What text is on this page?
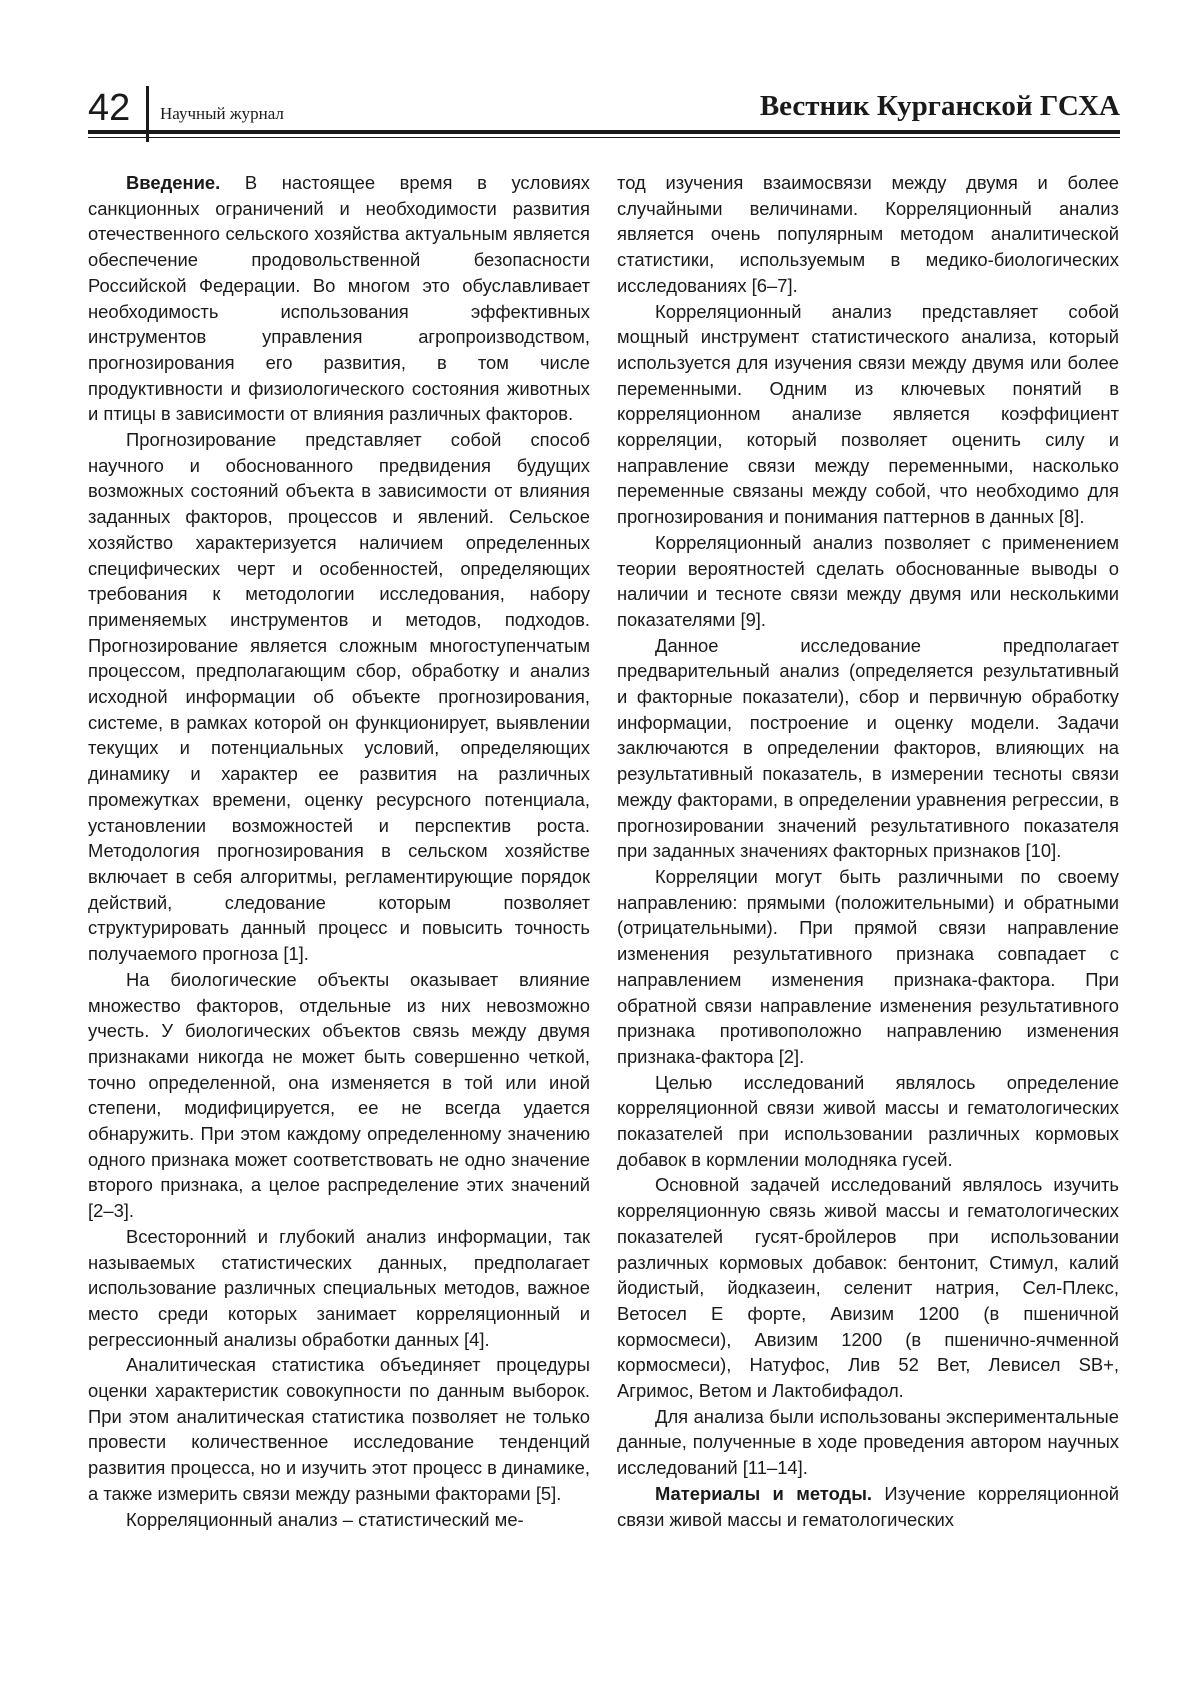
42 Научный журнал	Вестник Курганской ГСХА

Введение. В настоящее время в условиях санкционных ограничений и необходимости развития отечественного сельского хозяйства актуальным является обеспечение продовольственной безопасности Российской Федерации. Во многом это обуславливает необходимость использования эффективных инструментов управления агропроизводством, прогнозирования его развития, в том числе продуктивности и физиологического состояния животных и птицы в зависимости от влияния различных факторов.

Прогнозирование представляет собой способ научного и обоснованного предвидения будущих возможных состояний объекта в зависимости от влияния заданных факторов, процессов и явлений. Сельское хозяйство характеризуется наличием определенных специфических черт и особенностей, определяющих требования к методологии исследования, набору применяемых инструментов и методов, подходов. Прогнозирование является сложным многоступенчатым процессом, предполагающим сбор, обработку и анализ исходной информации об объекте прогнозирования, системе, в рамках которой он функционирует, выявлении текущих и потенциальных условий, определяющих динамику и характер ее развития на различных промежутках времени, оценку ресурсного потенциала, установлении возможностей и перспектив роста. Методология прогнозирования в сельском хозяйстве включает в себя алгоритмы, регламентирующие порядок действий, следование которым позволяет структурировать данный процесс и повысить точность получаемого прогноза [1].

На биологические объекты оказывает влияние множество факторов, отдельные из них невозможно учесть. У биологических объектов связь между двумя признаками никогда не может быть совершенно четкой, точно определенной, она изменяется в той или иной степени, модифицируется, ее не всегда удается обнаружить. При этом каждому определенному значению одного признака может соответствовать не одно значение второго признака, а целое распределение этих значений [2–3].

Всесторонний и глубокий анализ информации, так называемых статистических данных, предполагает использование различных специальных методов, важное место среди которых занимает корреляционный и регрессионный анализы обработки данных [4].

Аналитическая статистика объединяет процедуры оценки характеристик совокупности по данным выборок. При этом аналитическая статистика позволяет не только провести количественное исследование тенденций развития процесса, но и изучить этот процесс в динамике, а также измерить связи между разными факторами [5].

Корреляционный анализ – статистический ме-

тод изучения взаимосвязи между двумя и более случайными величинами. Корреляционный анализ является очень популярным методом аналитической статистики, используемым в медико-биологических исследованиях [6–7].

Корреляционный анализ представляет собой мощный инструмент статистического анализа, который используется для изучения связи между двумя или более переменными. Одним из ключевых понятий в корреляционном анализе является коэффициент корреляции, который позволяет оценить силу и направление связи между переменными, насколько переменные связаны между собой, что необходимо для прогнозирования и понимания паттернов в данных [8].

Корреляционный анализ позволяет с применением теории вероятностей сделать обоснованные выводы о наличии и тесноте связи между двумя или несколькими показателями [9].

Данное исследование предполагает предварительный анализ (определяется результативный и факторные показатели), сбор и первичную обработку информации, построение и оценку модели. Задачи заключаются в определении факторов, влияющих на результативный показатель, в измерении тесноты связи между факторами, в определении уравнения регрессии, в прогнозировании значений результативного показателя при заданных значениях факторных признаков [10].

Корреляции могут быть различными по своему направлению: прямыми (положительными) и обратными (отрицательными). При прямой связи направление изменения результативного признака совпадает с направлением изменения признака-фактора. При обратной связи направление изменения результативного признака противоположно направлению изменения признака-фактора [2].

Целью исследований являлось определение корреляционной связи живой массы и гематологических показателей при использовании различных кормовых добавок в кормлении молодняка гусей.

Основной задачей исследований являлось изучить корреляционную связь живой массы и гематологических показателей гусят-бройлеров при использовании различных кормовых добавок: бентонит, Стимул, калий йодистый, йодказеин, селенит натрия, Сел-Плекс, Ветосел Е форте, Авизим 1200 (в пшеничной кормосмеси), Авизим 1200 (в пшенично-ячменной кормосмеси), Натуфос, Лив 52 Вет, Левисел SB+, Агримос, Ветом и Лактобифадол.

Для анализа были использованы экспериментальные данные, полученные в ходе проведения автором научных исследований [11–14].

Материалы и методы. Изучение корреляционной связи живой массы и гематологических
